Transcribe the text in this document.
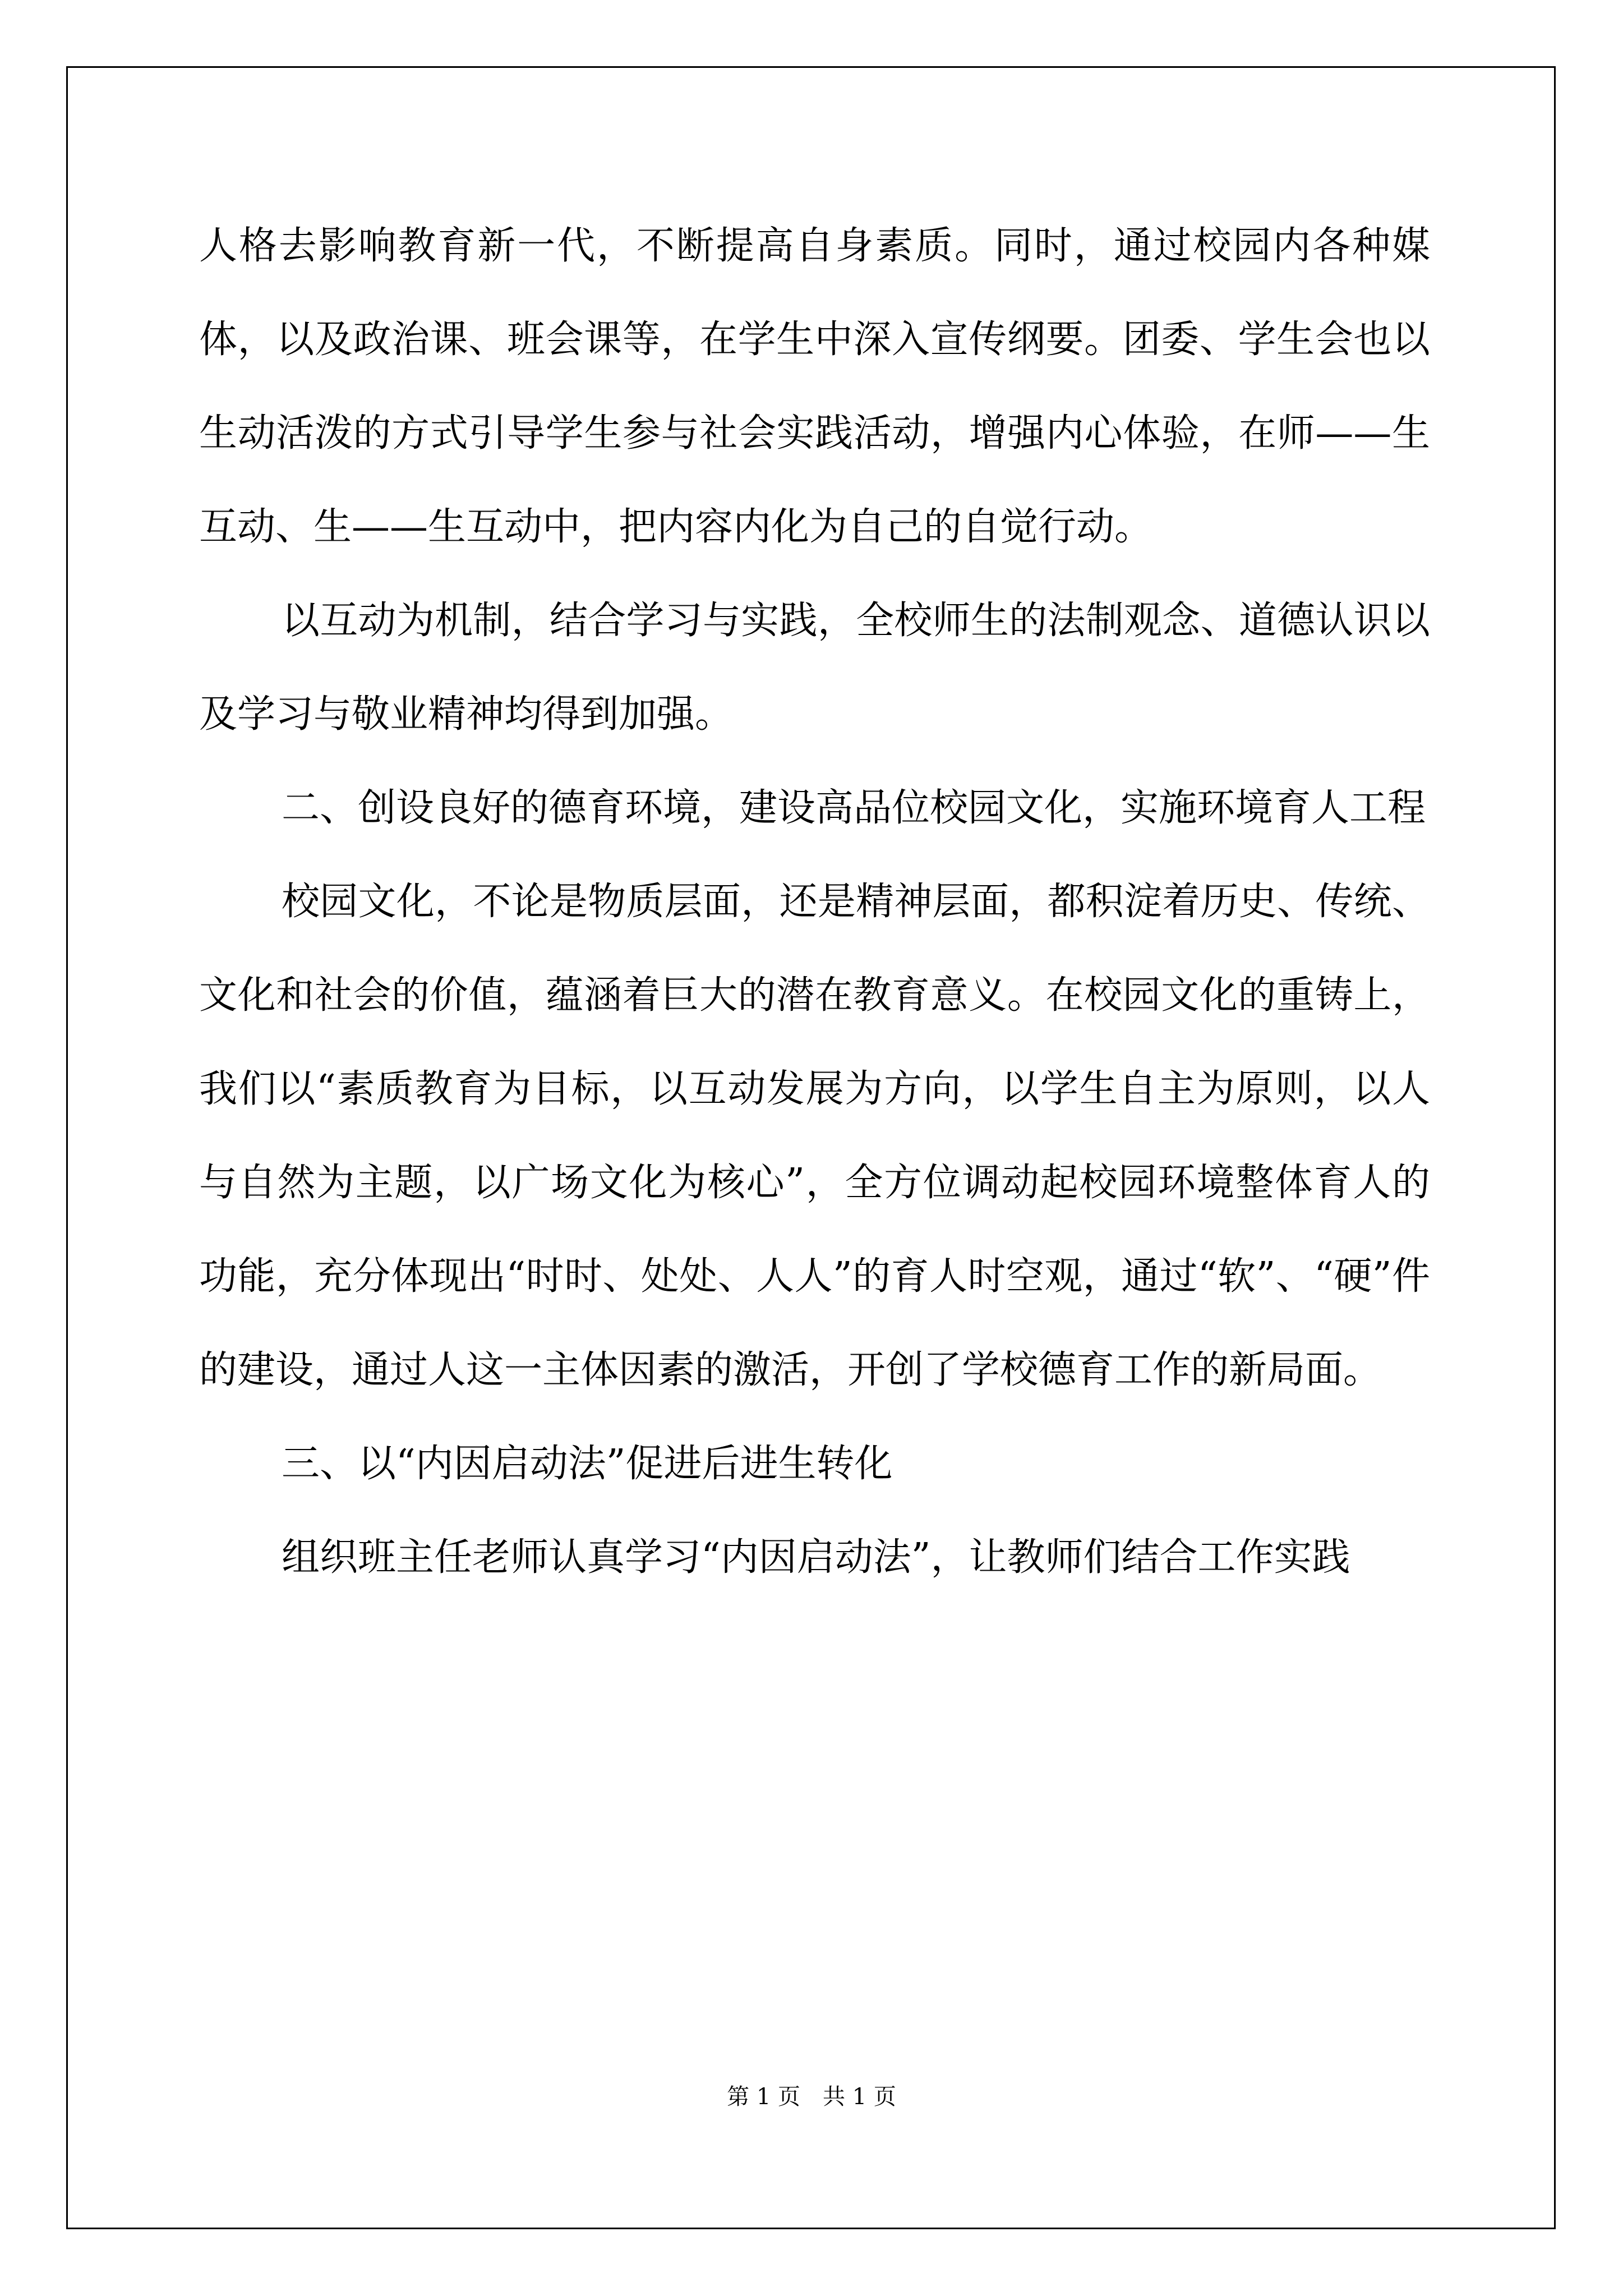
人格去影响教育新一代，不断提高自身素质。同时，通过校园内各种媒体，以及政治课、班会课等，在学生中深入宣传纲要。团委、学生会也以生动活泼的方式引导学生参与社会实践活动，增强内心体验，在师——生互动、生——生互动中，把内容内化为自己的自觉行动。

以互动为机制，结合学习与实践，全校师生的法制观念、道德认识以及学习与敬业精神均得到加强。

二、创设良好的德育环境，建设高品位校园文化，实施环境育人工程

校园文化，不论是物质层面，还是精神层面，都积淀着历史、传统、文化和社会的价值，蕴涵着巨大的潜在教育意义。在校园文化的重铸上，我们以“素质教育为目标，以互动发展为方向，以学生自主为原则，以人与自然为主题，以广场文化为核心”，全方位调动起校园环境整体育人的功能，充分体现出“时时、处处、人人”的育人时空观，通过“软”、“硬”件的建设，通过人这一主体因素的激活，开创了学校德育工作的新局面。

三、以“内因启动法”促进后进生转化

组织班主任老师认真学习“内因启动法”，让教师们结合工作实践

第 1 页　共 1 页
